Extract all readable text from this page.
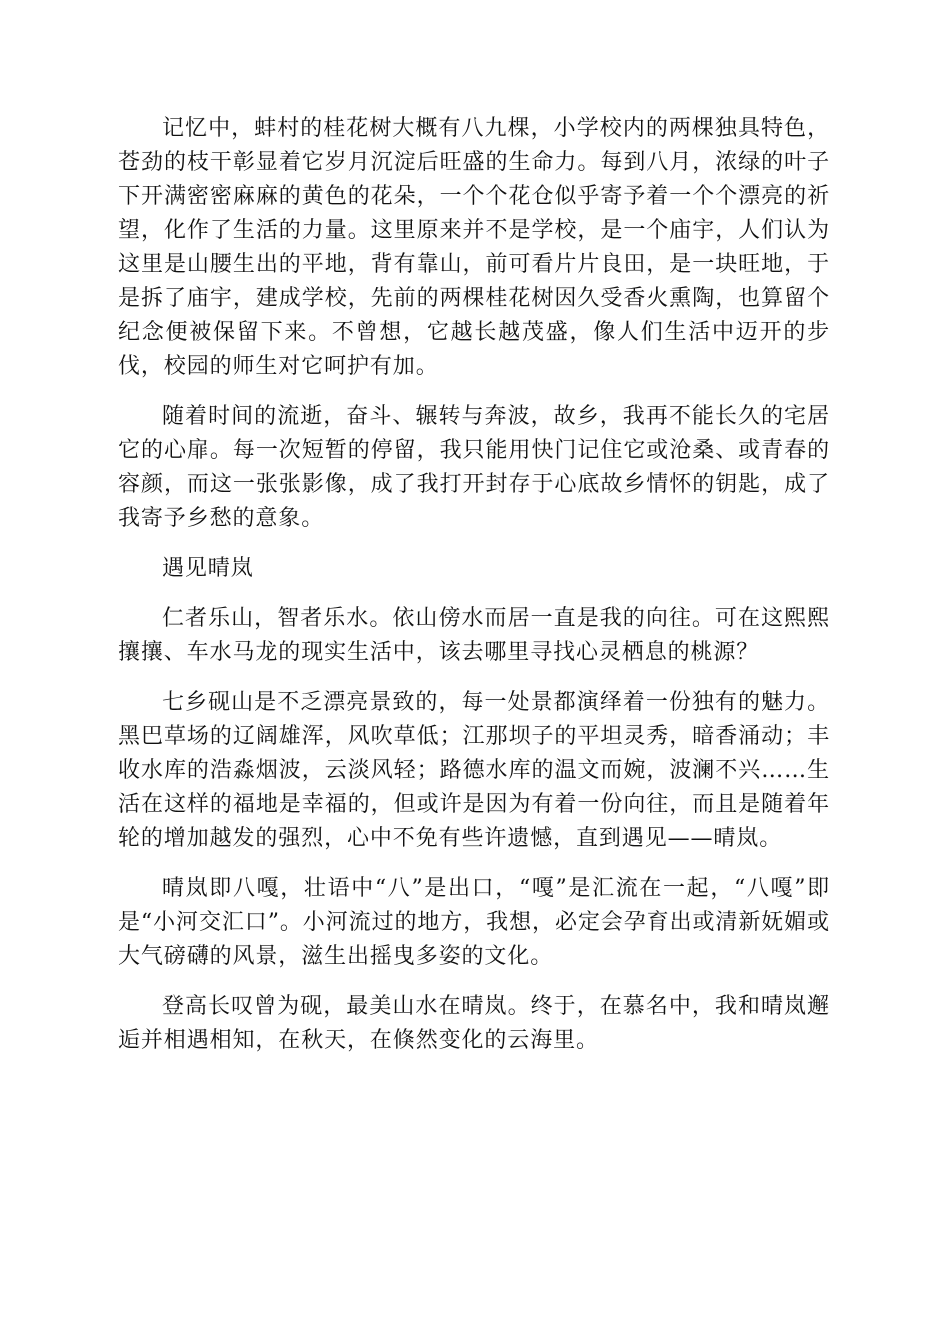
记忆中，蚌村的桂花树大概有八九棵，小学校内的两棵独具特色，苍劲的枝干彰显着它岁月沉淀后旺盛的生命力。每到八月，浓绿的叶子下开满密密麻麻的黄色的花朵，一个个花仓似乎寄予着一个个漂亮的祈望，化作了生活的力量。这里原来并不是学校，是一个庙宇，人们认为这里是山腰生出的平地，背有靠山，前可看片片良田，是一块旺地，于是拆了庙宇，建成学校，先前的两棵桂花树因久受香火熏陶，也算留个纪念便被保留下来。不曾想，它越长越茂盛，像人们生活中迈开的步伐，校园的师生对它呵护有加。

随着时间的流逝，奋斗、辗转与奔波，故乡，我再不能长久的宅居它的心扉。每一次短暂的停留，我只能用快门记住它或沧桑、或青春的容颜，而这一张张影像，成了我打开封存于心底故乡情怀的钥匙，成了我寄予乡愁的意象。

遇见晴岚

仁者乐山，智者乐水。依山傍水而居一直是我的向往。可在这熙熙攘攘、车水马龙的现实生活中，该去哪里寻找心灵栖息的桃源？

七乡砚山是不乏漂亮景致的，每一处景都演绎着一份独有的魅力。黑巴草场的辽阔雄浑，风吹草低；江那坝子的平坦灵秀，暗香涌动；丰收水库的浩淼烟波，云淡风轻；路德水库的温文而婉，波澜不兴……生活在这样的福地是幸福的，但或许是因为有着一份向往，而且是随着年轮的增加越发的强烈，心中不免有些许遗憾，直到遇见——晴岚。

晴岚即八嘎，壮语中“八”是出口，“嘎”是汇流在一起，“八嘎”即是“小河交汇口”。小河流过的地方，我想，必定会孕育出或清新妩媚或大气磅礴的风景，滋生出摇曳多姿的文化。

登高长叹曾为砚，最美山水在晴岚。终于，在慕名中，我和晴岚邂逅并相遇相知，在秋天，在倏然变化的云海里。
